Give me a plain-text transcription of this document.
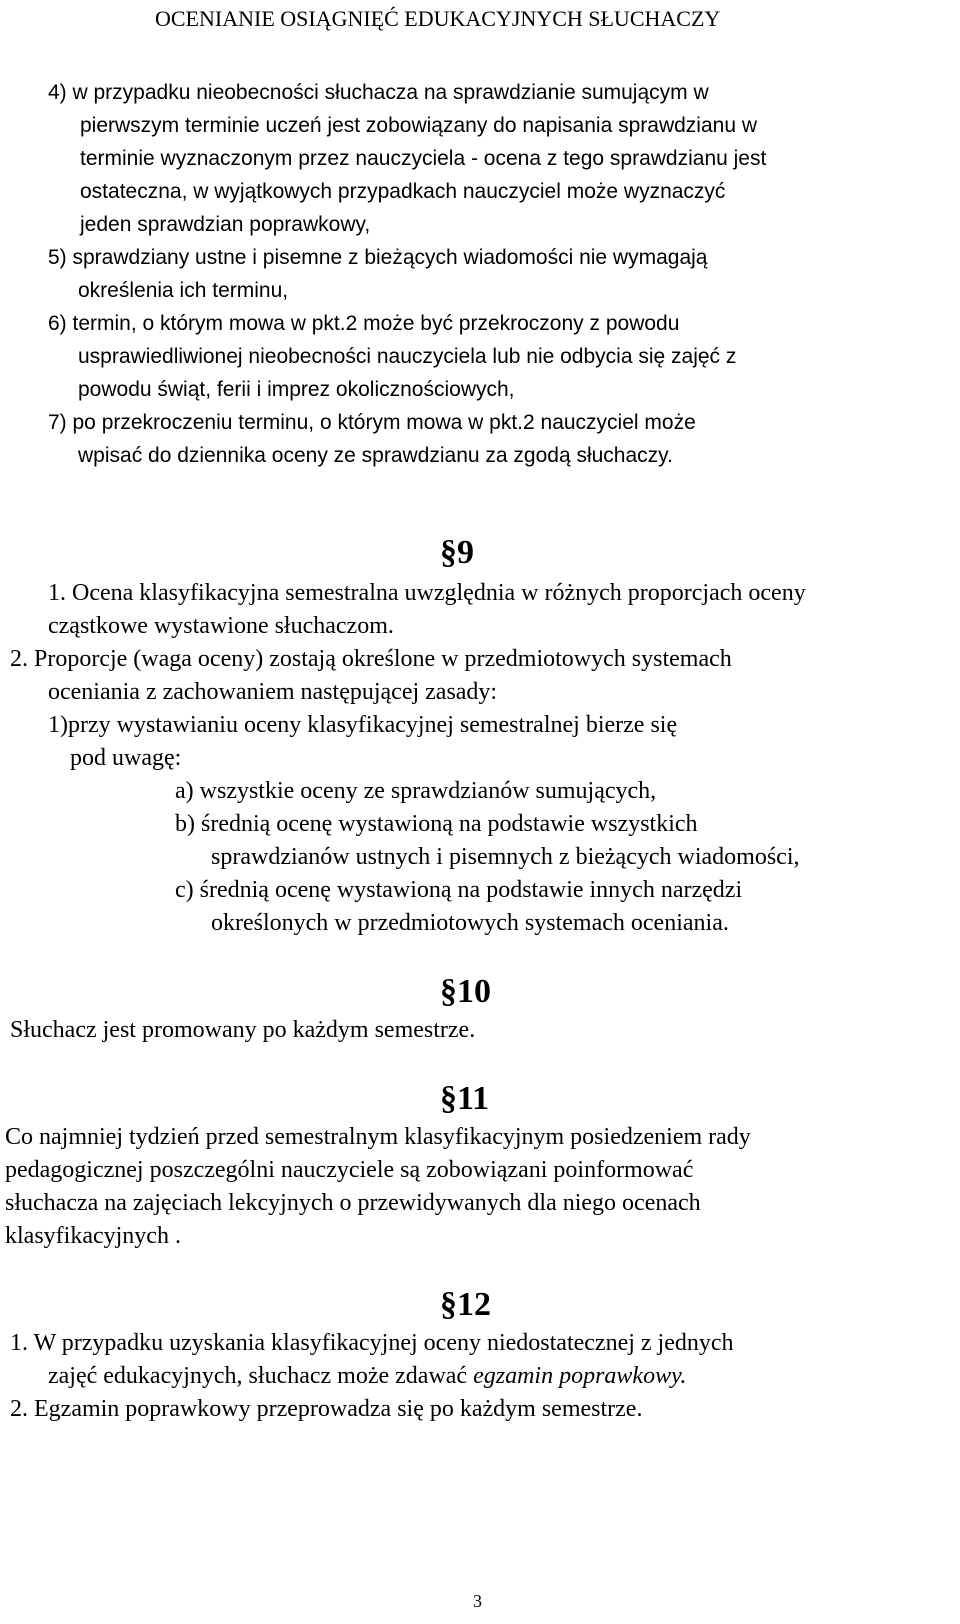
OCENIANIE OSIĄGNIĘĆ EDUKACYJNYCH SŁUCHACZY
4) w przypadku nieobecności słuchacza na sprawdzianie sumującym w
pierwszym terminie uczeń jest zobowiązany do napisania sprawdzianu w
terminie wyznaczonym przez nauczyciela - ocena z tego sprawdzianu jest
ostateczna, w wyjątkowych przypadkach nauczyciel może wyznaczyć
jeden sprawdzian poprawkowy,
5) sprawdziany ustne i pisemne z bieżących wiadomości nie wymagają
określenia ich terminu,
6) termin, o którym mowa w pkt.2 może być przekroczony z powodu
usprawiedliwionej nieobecności nauczyciela lub nie odbycia się zajęć z
powodu świąt, ferii i imprez okolicznościowych,
7) po przekroczeniu terminu, o którym mowa w pkt.2 nauczyciel może
wpisać do dziennika oceny ze sprawdzianu za zgodą słuchaczy.
§9
1. Ocena klasyfikacyjna semestralna uwzględnia w różnych proporcjach oceny
cząstkowe wystawione słuchaczom.
2. Proporcje (waga oceny) zostają określone w przedmiotowych systemach
oceniania z zachowaniem następującej zasady:
1)przy wystawianiu oceny klasyfikacyjnej semestralnej bierze się
pod uwagę:
a) wszystkie oceny ze sprawdzianów sumujących,
b) średnią ocenę wystawioną na podstawie wszystkich
sprawdzianów ustnych i pisemnych z bieżących wiadomości,
c) średnią ocenę wystawioną na podstawie innych narzędzi
określonych w przedmiotowych systemach oceniania.
§10
Słuchacz jest promowany po każdym semestrze.
§11
Co najmniej tydzień przed semestralnym klasyfikacyjnym posiedzeniem rady
pedagogicznej poszczególni nauczyciele są zobowiązani poinformować
słuchacza na zajęciach lekcyjnych o przewidywanych dla niego ocenach
klasyfikacyjnych .
§12
1. W przypadku uzyskania klasyfikacyjnej oceny niedostatecznej z jednych
zajęć edukacyjnych, słuchacz może zdawać egzamin poprawkowy.
2. Egzamin poprawkowy przeprowadza się po każdym semestrze.
3
